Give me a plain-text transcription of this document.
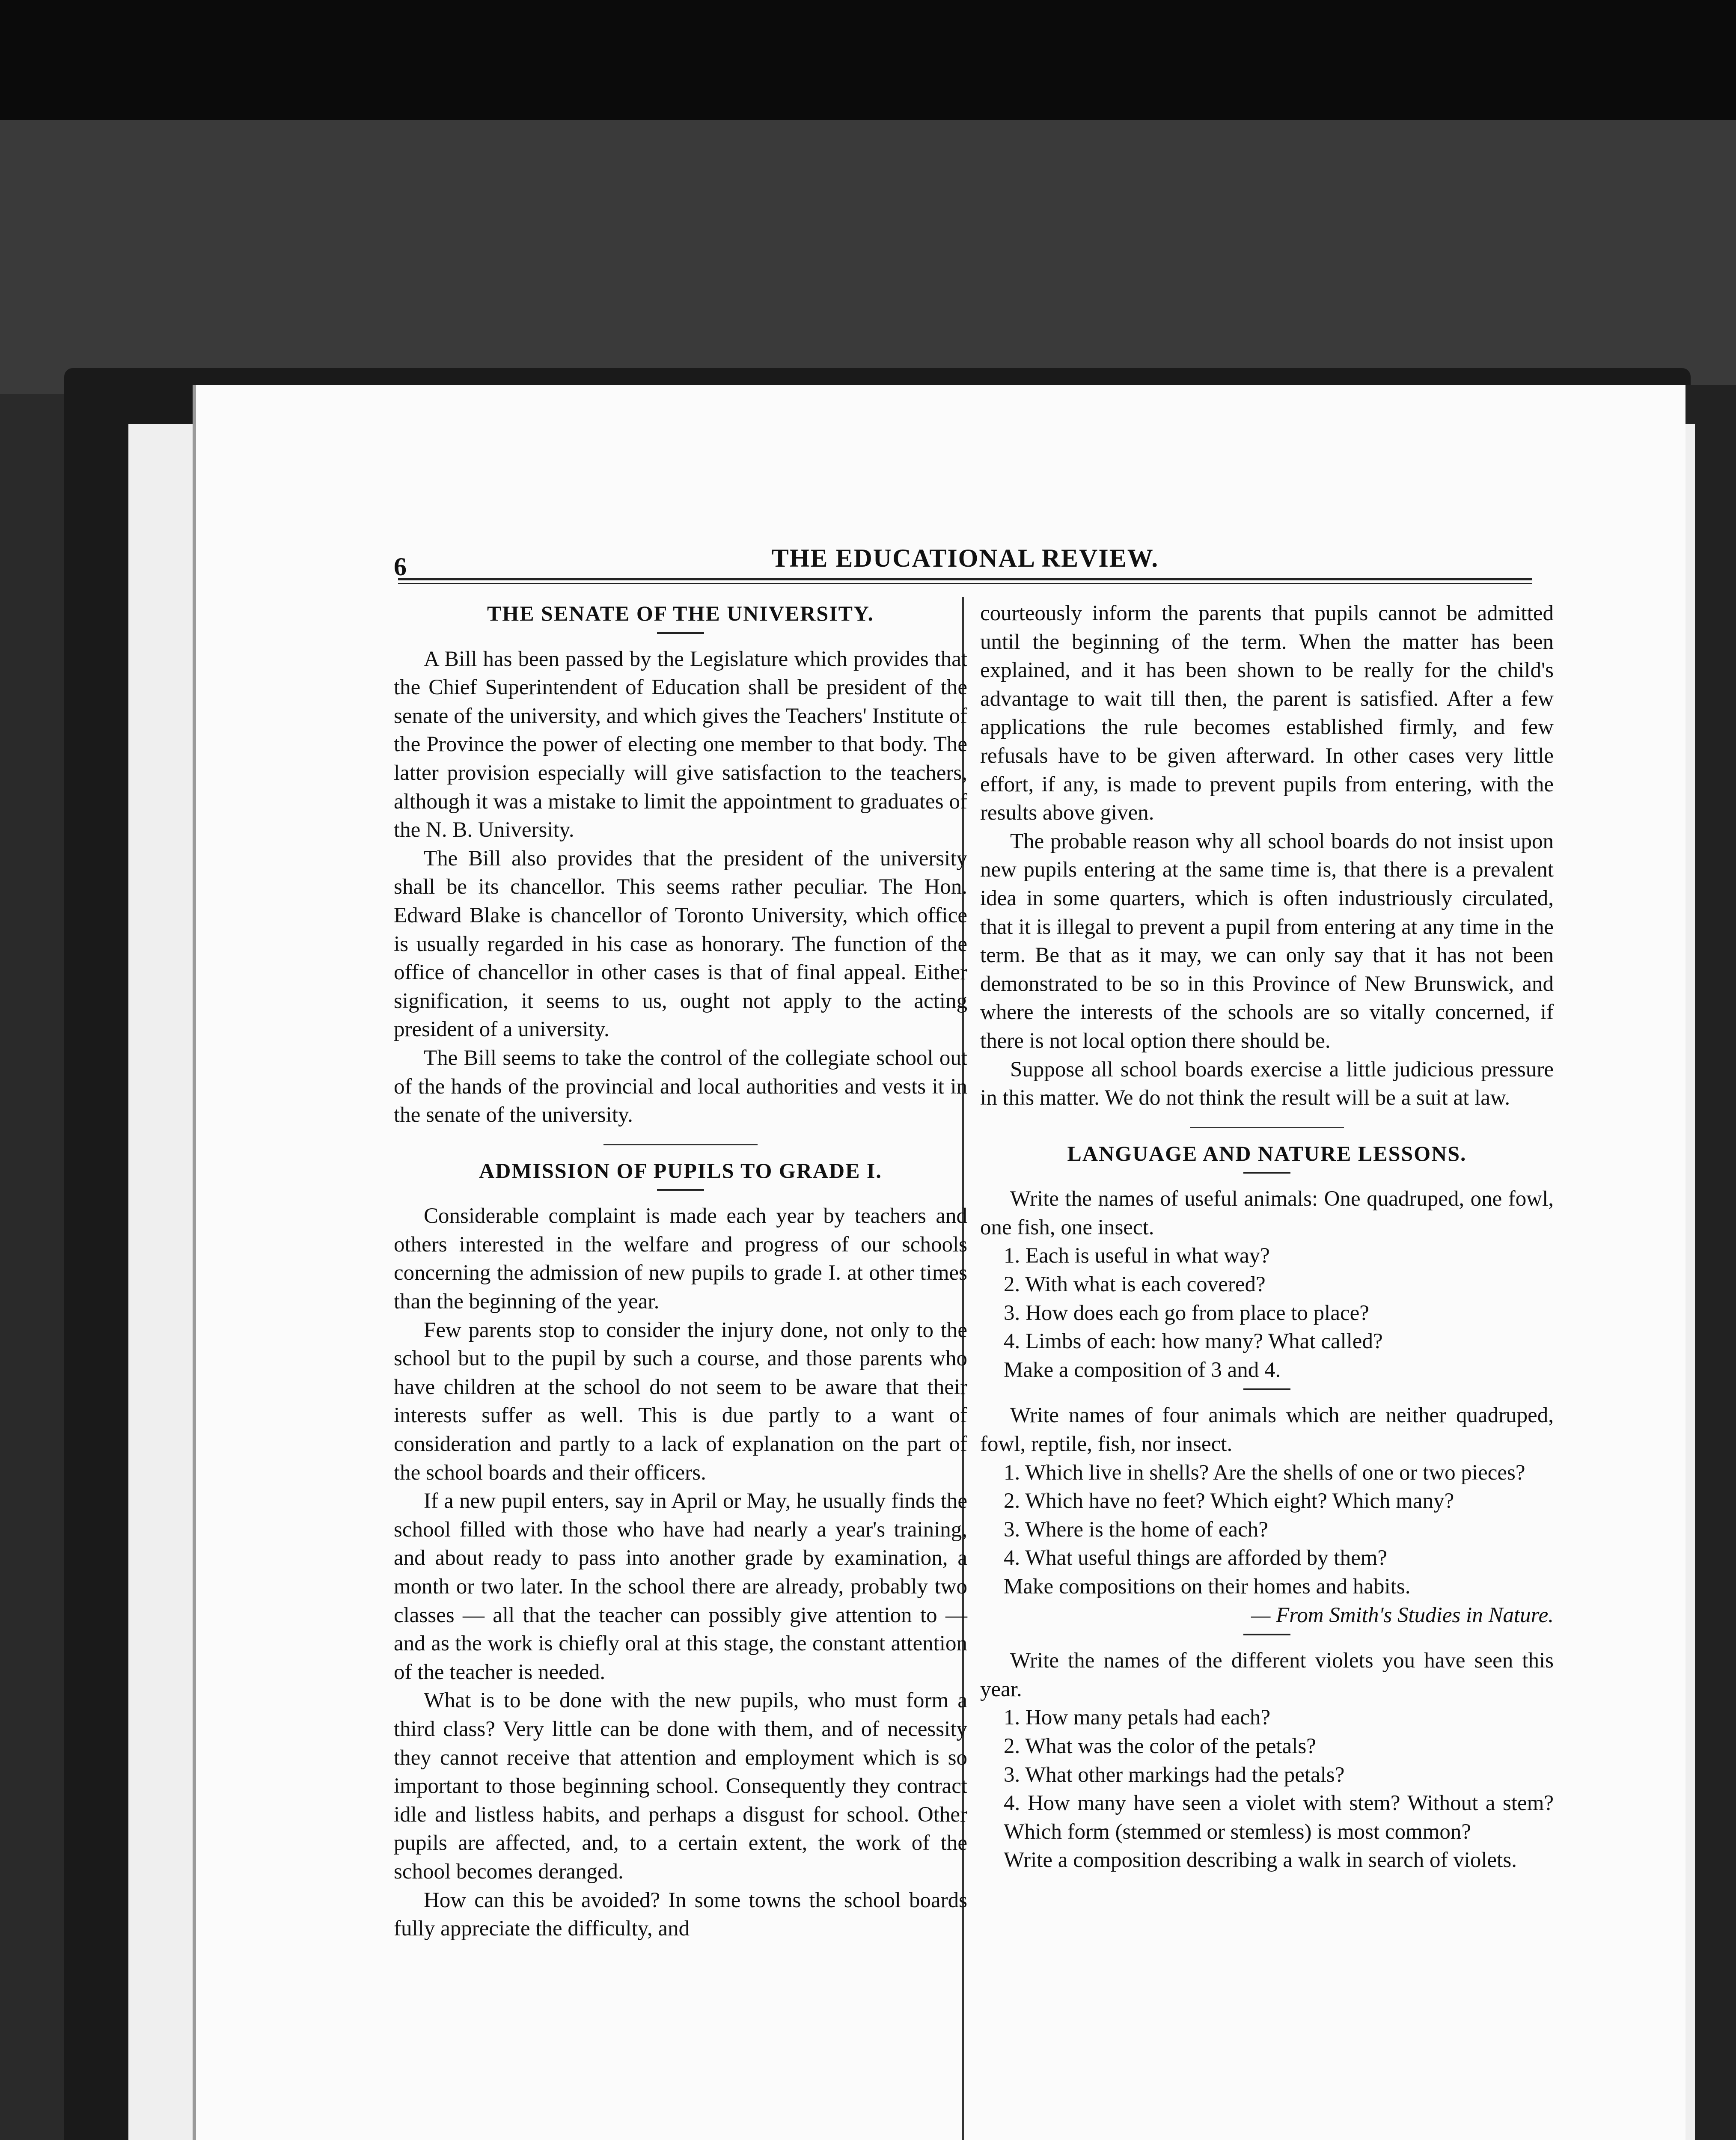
6	THE EDUCATIONAL REVIEW.
THE SENATE OF THE UNIVERSITY.

A Bill has been passed by the Legislature which provides that the Chief Superintendent of Education shall be president of the senate of the university, and which gives the Teachers' Institute of the Province the power of electing one member to that body. The latter provision especially will give satisfaction to the teachers, although it was a mistake to limit the appointment to graduates of the N. B. University.

The Bill also provides that the president of the university shall be its chancellor. This seems rather peculiar. The Hon. Edward Blake is chancellor of Toronto University, which office is usually regarded in his case as honorary. The function of the office of chancellor in other cases is that of final appeal. Either signification, it seems to us, ought not apply to the acting president of a university.

The Bill seems to take the control of the collegiate school out of the hands of the provincial and local authorities and vests it in the senate of the university.

ADMISSION OF PUPILS TO GRADE I.

Considerable complaint is made each year by teachers and others interested in the welfare and progress of our schools concerning the admission of new pupils to grade I. at other times than the beginning of the year.

Few parents stop to consider the injury done, not only to the school but to the pupil by such a course, and those parents who have children at the school do not seem to be aware that their interests suffer as well. This is due partly to a want of consideration and partly to a lack of explanation on the part of the school boards and their officers.

If a new pupil enters, say in April or May, he usually finds the school filled with those who have had nearly a year's training, and about ready to pass into another grade by examination, a month or two later. In the school there are already, probably two classes — all that the teacher can possibly give attention to — and as the work is chiefly oral at this stage, the constant attention of the teacher is needed.

What is to be done with the new pupils, who must form a third class? Very little can be done with them, and of necessity they cannot receive that attention and employment which is so important to those beginning school. Consequently they contract idle and listless habits, and perhaps a disgust for school. Other pupils are affected, and, to a certain extent, the work of the school becomes deranged.

How can this be avoided? In some towns the school boards fully appreciate the difficulty, and

courteously inform the parents that pupils cannot be admitted until the beginning of the term. When the matter has been explained, and it has been shown to be really for the child's advantage to wait till then, the parent is satisfied. After a few applications the rule becomes established firmly, and few refusals have to be given afterward. In other cases very little effort, if any, is made to prevent pupils from entering, with the results above given.

The probable reason why all school boards do not insist upon new pupils entering at the same time is, that there is a prevalent idea in some quarters, which is often industriously circulated, that it is illegal to prevent a pupil from entering at any time in the term. Be that as it may, we can only say that it has not been demonstrated to be so in this Province of New Brunswick, and where the interests of the schools are so vitally concerned, if there is not local option there should be.

Suppose all school boards exercise a little judicious pressure in this matter. We do not think the result will be a suit at law.

LANGUAGE AND NATURE LESSONS.

Write the names of useful animals: One quadruped, one fowl, one fish, one insect.

1. Each is useful in what way?

2. With what is each covered?

3. How does each go from place to place?

4. Limbs of each: how many? What called?

Make a composition of 3 and 4.

Write names of four animals which are neither quadruped, fowl, reptile, fish, nor insect.

1. Which live in shells? Are the shells of one or two pieces?

2. Which have no feet? Which eight? Which many?

3. Where is the home of each?

4. What useful things are afforded by them?

Make compositions on their homes and habits.

— From Smith's Studies in Nature.

Write the names of the different violets you have seen this year.

1. How many petals had each?

2. What was the color of the petals?

3. What other markings had the petals?

4. How many have seen a violet with stem? Without a stem? Which form (stemmed or stemless) is most common?

Write a composition describing a walk in search of violets.
